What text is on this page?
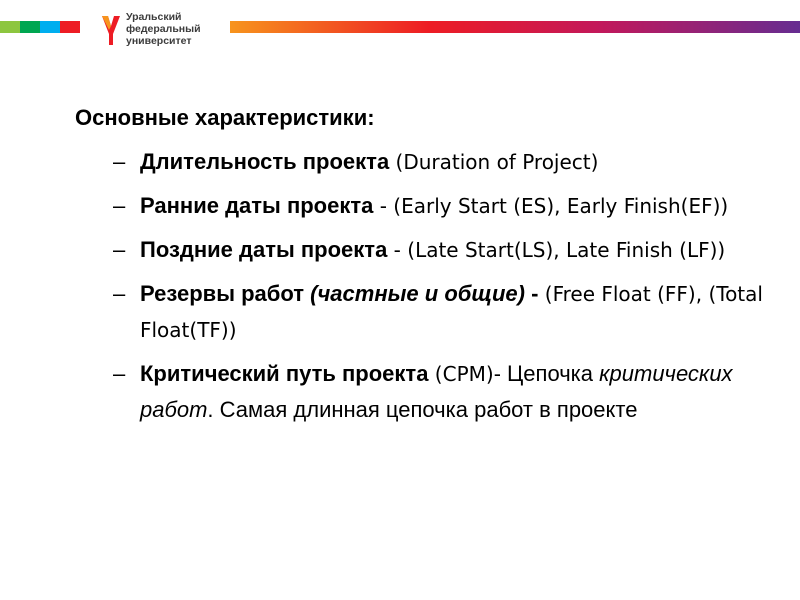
Уральский
федеральный
университет
Основные характеристики:
– Длительность проекта (Duration of Project)
– Ранние даты проекта - (Early Start (ES), Early Finish(EF))
– Поздние даты проекта - (Late Start(LS), Late Finish (LF))
– Резервы работ (частные и общие) - (Free Float (FF), (Total Float(TF))
– Критический путь проекта (CPM)- Цепочка критических работ. Самая длинная цепочка работ в проекте
